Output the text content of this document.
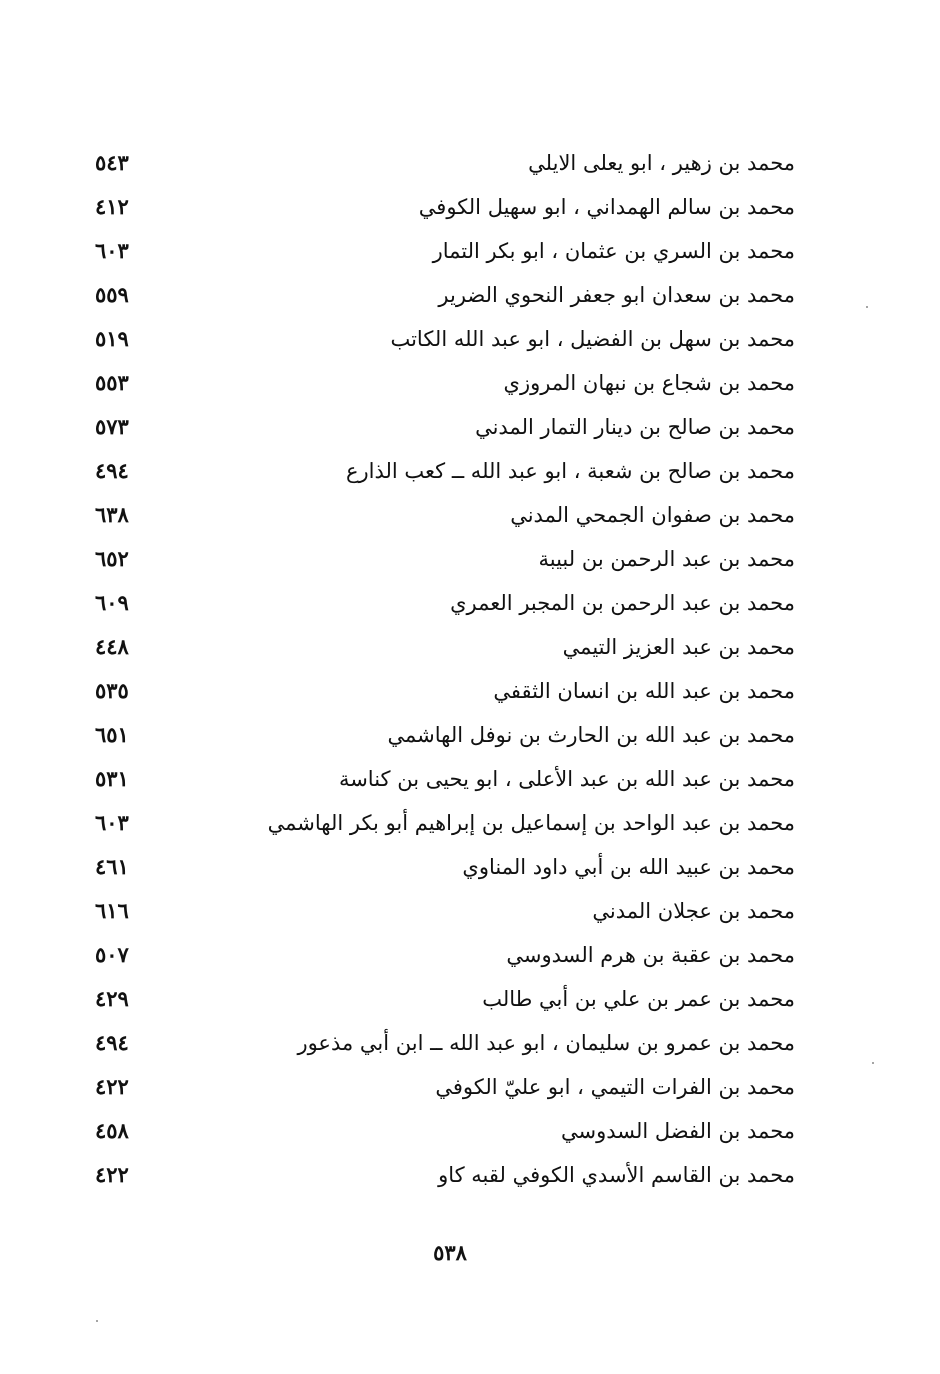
محمد بن زهير ، ابو يعلى الايلي
٥٤٣
محمد بن سالم الهمداني ، ابو سهيل الكوفي
٤١٢
محمد بن السري بن عثمان ، ابو بكر التمار
٦٠٣
محمد بن سعدان ابو جعفر النحوي الضرير
٥٥٩
محمد بن سهل بن الفضيل ، ابو عبد الله الكاتب
٥١٩
محمد بن شجاع بن نبهان المروزي
٥٥٣
محمد بن صالح بن دينار التمار المدني
٥٧٣
محمد بن صالح بن شعبة ، ابو عبد الله ــ كعب الذارع
٤٩٤
محمد بن صفوان الجمحي المدني
٦٣٨
محمد بن عبد الرحمن بن لبيبة
٦٥٢
محمد بن عبد الرحمن بن المجبر العمري
٦٠٩
محمد بن عبد العزيز التيمي
٤٤٨
محمد بن عبد الله بن انسان الثقفي
٥٣٥
محمد بن عبد الله بن الحارث بن نوفل الهاشمي
٦٥١
محمد بن عبد الله بن عبد الأعلى ، ابو يحيى بن كناسة
٥٣١
محمد بن عبد الواحد بن إسماعيل بن إبراهيم أبو بكر الهاشمي
٦٠٣
محمد بن عبيد الله بن أبي داود المناوي
٤٦١
محمد بن عجلان المدني
٦١٦
محمد بن عقبة بن هرم السدوسي
٥٠٧
محمد بن عمر بن علي بن أبي طالب
٤٢٩
محمد بن عمرو بن سليمان ، ابو عبد الله ــ ابن أبي مذعور
٤٩٤
محمد بن الفرات التيمي ، ابو عليّ الكوفي
٤٢٢
محمد بن الفضل السدوسي
٤٥٨
محمد بن القاسم الأسدي الكوفي لقبه كاو
٤٢٢
٥٣٨
